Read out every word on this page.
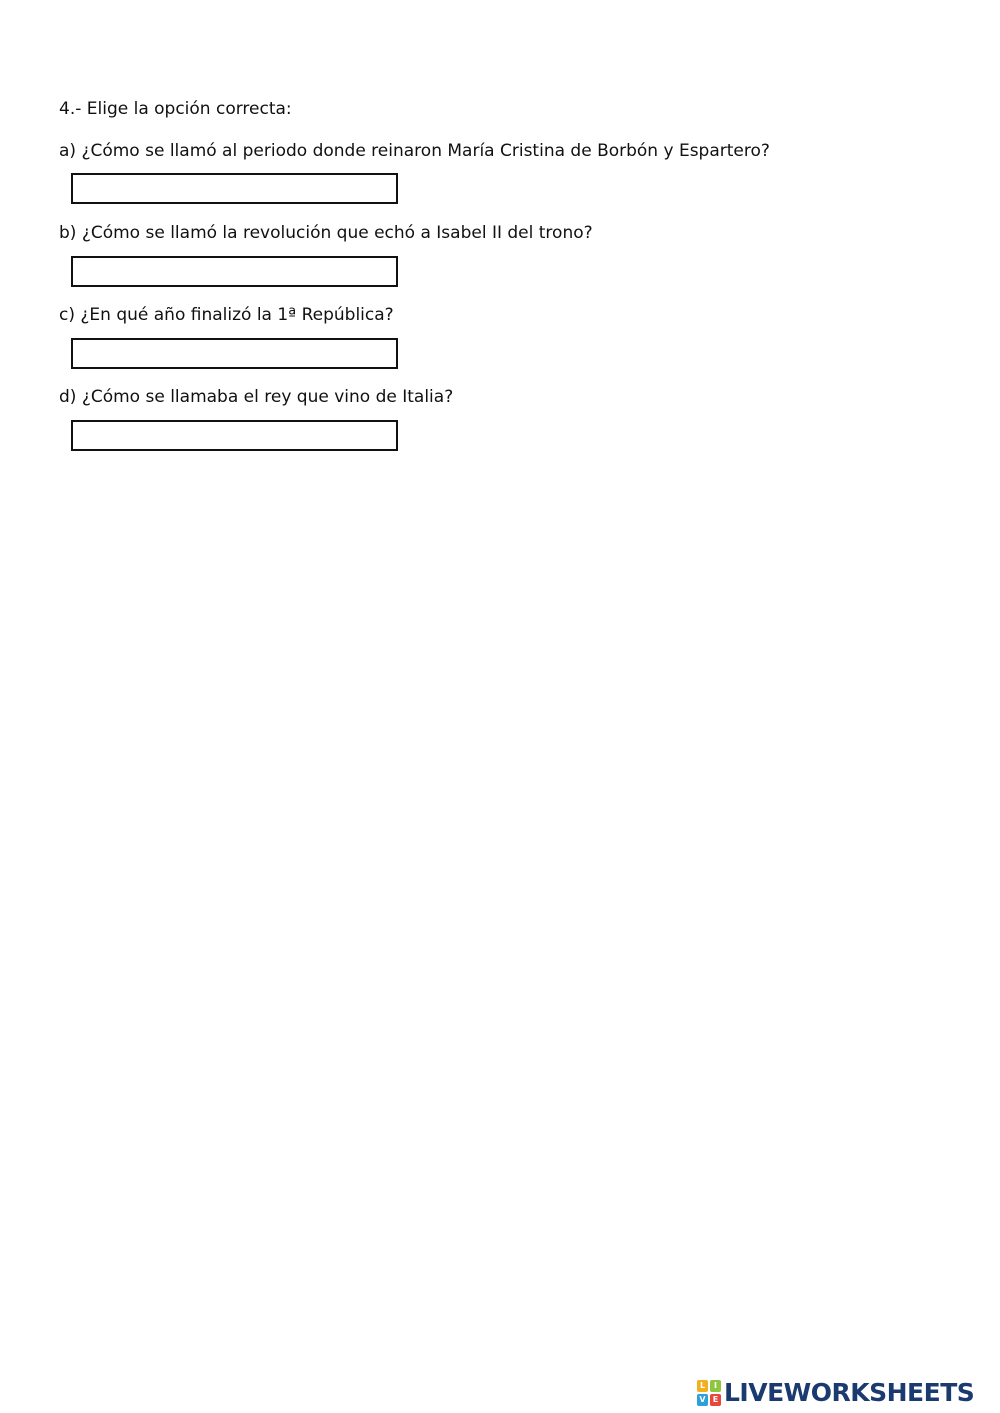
4.- Elige la opción correcta:
a) ¿Cómo se llamó al periodo donde reinaron María Cristina de Borbón y Espartero?
b) ¿Cómo se llamó la revolución que echó a Isabel II del trono?
c) ¿En qué año finalizó la 1ª República?
d) ¿Cómo se llamaba el rey que vino de Italia?
L	I
V E LIVEWORKSHEETS
